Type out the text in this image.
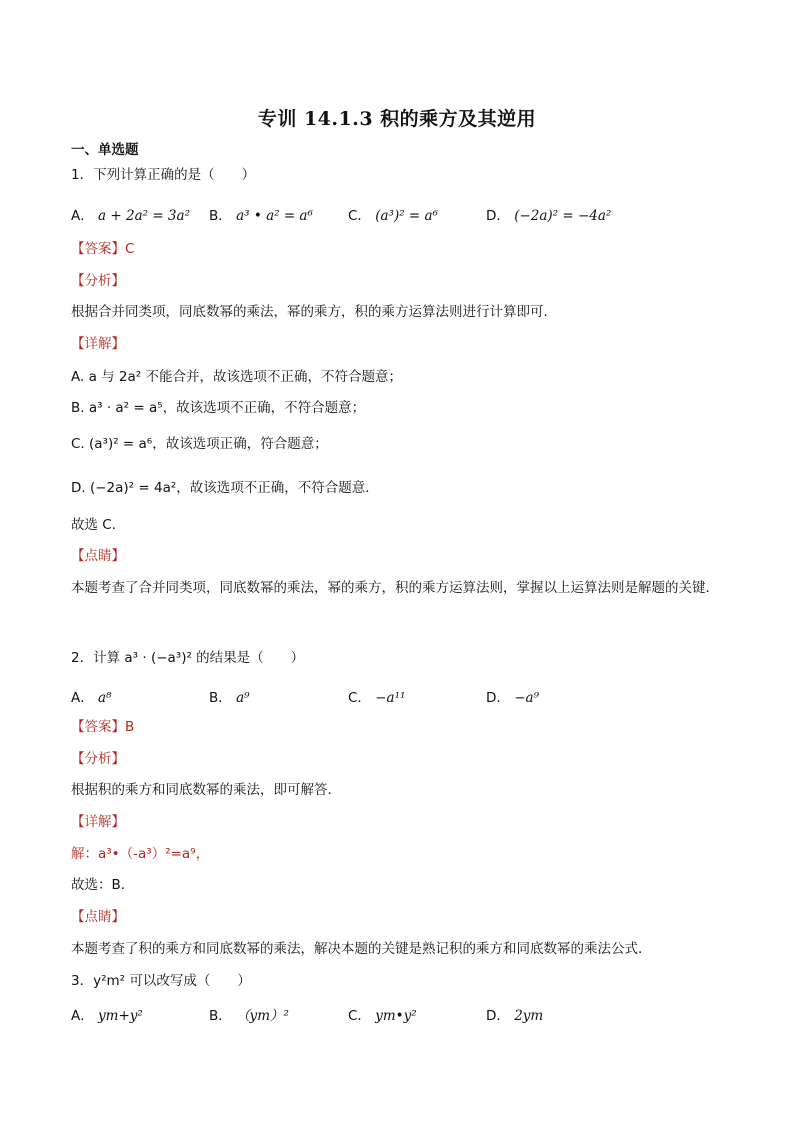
专训 14.1.3 积的乘方及其逆用
一、单选题
1．下列计算正确的是（　　）
A． a + 2a² = 3a² B． a³ • a² = a⁶	C． (a³)² = a⁶	D． (−2a)² = −4a²
【答案】C
【分析】
根据合并同类项，同底数幂的乘法，幂的乘方，积的乘方运算法则进行计算即可．
【详解】
A. a 与 2a² 不能合并，故该选项不正确，不符合题意；
B. a³ · a² = a⁵，故该选项不正确，不符合题意；
C. (a³)² = a⁶，故该选项正确，符合题意；
D. (−2a)² = 4a²，故该选项不正确，不符合题意．
故选 C．
【点睛】
本题考查了合并同类项，同底数幂的乘法，幂的乘方，积的乘方运算法则，掌握以上运算法则是解题的关键．
2．计算 a³ · (−a³)² 的结果是（　　）
A． a⁸	B． a⁹	C． −a¹¹	D． −a⁹
【答案】B
【分析】
根据积的乘方和同底数幂的乘法，即可解答．
【详解】
解：a³•（-a³）²=a⁹，
故选：B．
【点睛】
本题考查了积的乘方和同底数幂的乘法，解决本题的关键是熟记积的乘方和同底数幂的乘法公式．
3．y²m² 可以改写成（　　）
A． ym+y²	B． （ym）²	C． ym•y²	D． 2ym
